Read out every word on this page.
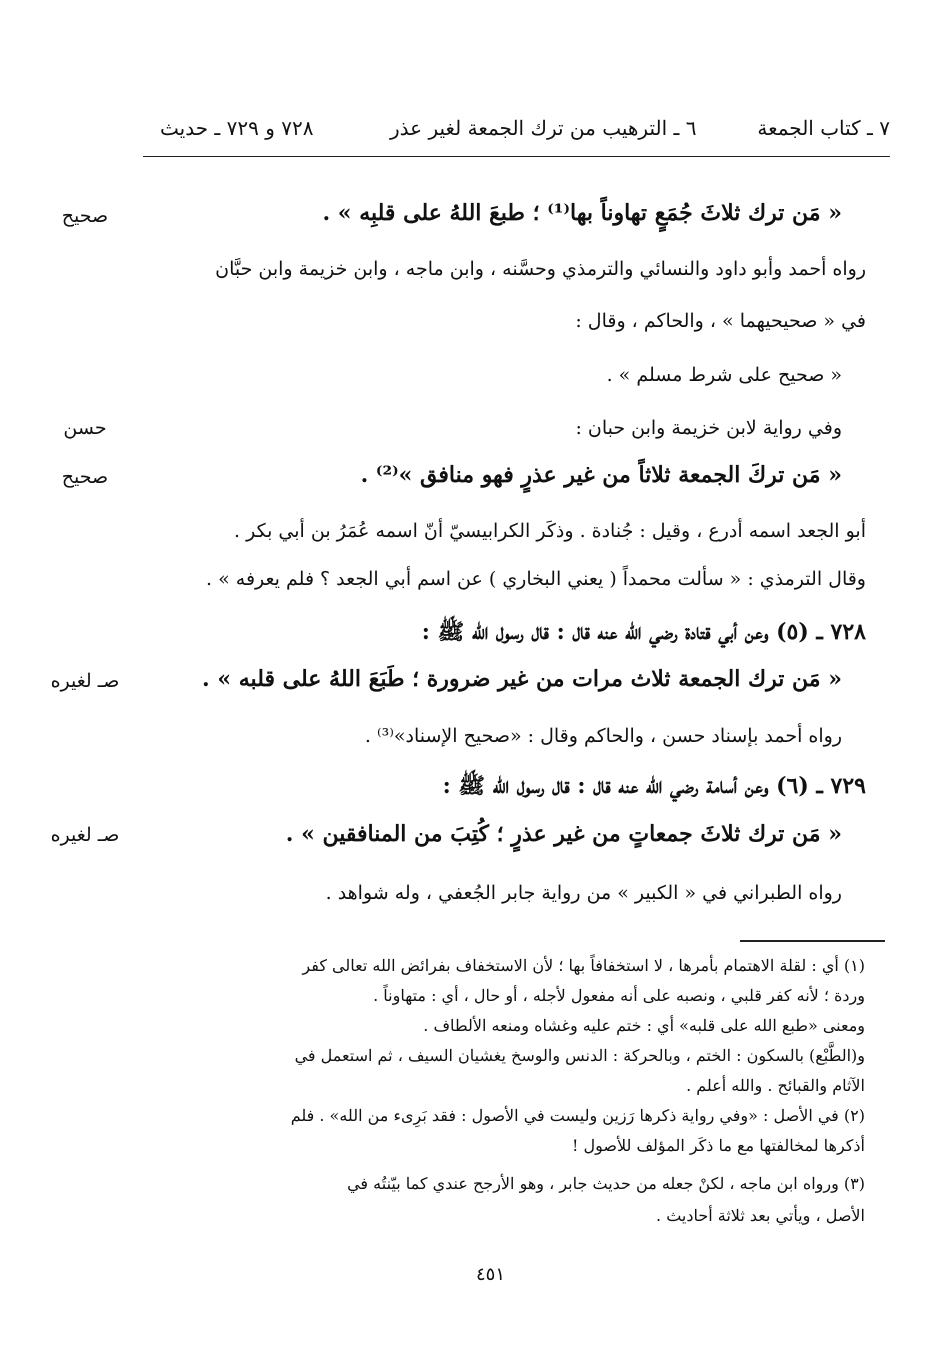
٧ ـ كتاب الجمعة
٦ ـ الترهيب من ترك الجمعة لغير عذر
٧٢٨ و ٧٢٩ ـ حديث
صحيح	« مَن ترك ثلاثَ جُمَعٍ تهاوناً بها⁽¹⁾ ؛ طبعَ اللهُ على قلبِه » .
رواه أحمد وأبو داود والنسائي والترمذي وحسَّنه ، وابن ماجه ، وابن خزيمة وابن حبَّان
في « صحيحيهما » ، والحاكم ، وقال :
« صحيح على شرط مسلم » .
حسن	وفي رواية لابن خزيمة وابن حبان :
صحيح	« مَن تركَ الجمعة ثلاثاً من غير عذرٍ فهو منافق »⁽²⁾ .
أبو الجعد اسمه أدرع ، وقيل : جُنادة . وذكَر الكرابيسيّ أنّ اسمه عُمَرُ بن أبي بكر .
وقال الترمذي : « سألت محمداً ( يعني البخاري ) عن اسم أبي الجعد ؟ فلم يعرفه » .
٧٢٨ ـ (٥) وعن أبي قتادة رضي الله عنه قال : قال رسول الله ﷺ :
صـ لغيره	« مَن ترك الجمعة ثلاث مرات من غير ضرورة ؛ طَبَعَ اللهُ على قلبه » .
رواه أحمد بإسناد حسن ، والحاكم وقال : «صحيح الإسناد»⁽³⁾ .
٧٢٩ ـ (٦) وعن أسامة رضي الله عنه قال : قال رسول الله ﷺ :
صـ لغيره	« مَن ترك ثلاثَ جمعاتٍ من غير عذرٍ ؛ كُتِبَ من المنافقين » .
رواه الطبراني في « الكبير » من رواية جابر الجُعفي ، وله شواهد .
(١) أي : لقلة الاهتمام بأمرها ، لا استخفافاً بها ؛ لأن الاستخفاف بفرائض الله تعالى كفر
وردة ؛ لأنه كفر قلبي ، ونصبه على أنه مفعول لأجله ، أو حال ، أي : متهاوناً .
ومعنى «طبع الله على قلبه» أي : ختم عليه وغشاه ومنعه الألطاف .
و(الطَّبْع) بالسكون : الختم ، وبالحركة : الدنس والوسخ يغشيان السيف ، ثم استعمل في
الآثام والقبائح . والله أعلم .
(٢) في الأصل : «وفي رواية ذكرها رَزين وليست في الأصول : فقد بَرِىء من الله» . فلم
أذكرها لمخالفتها مع ما ذكَر المؤلف للأصول !
(٣) ورواه ابن ماجه ، لكنْ جعله من حديث جابر ، وهو الأرجح عندي كما بيّنتُه في
الأصل ، ويأتي بعد ثلاثة أحاديث .
٤٥١
